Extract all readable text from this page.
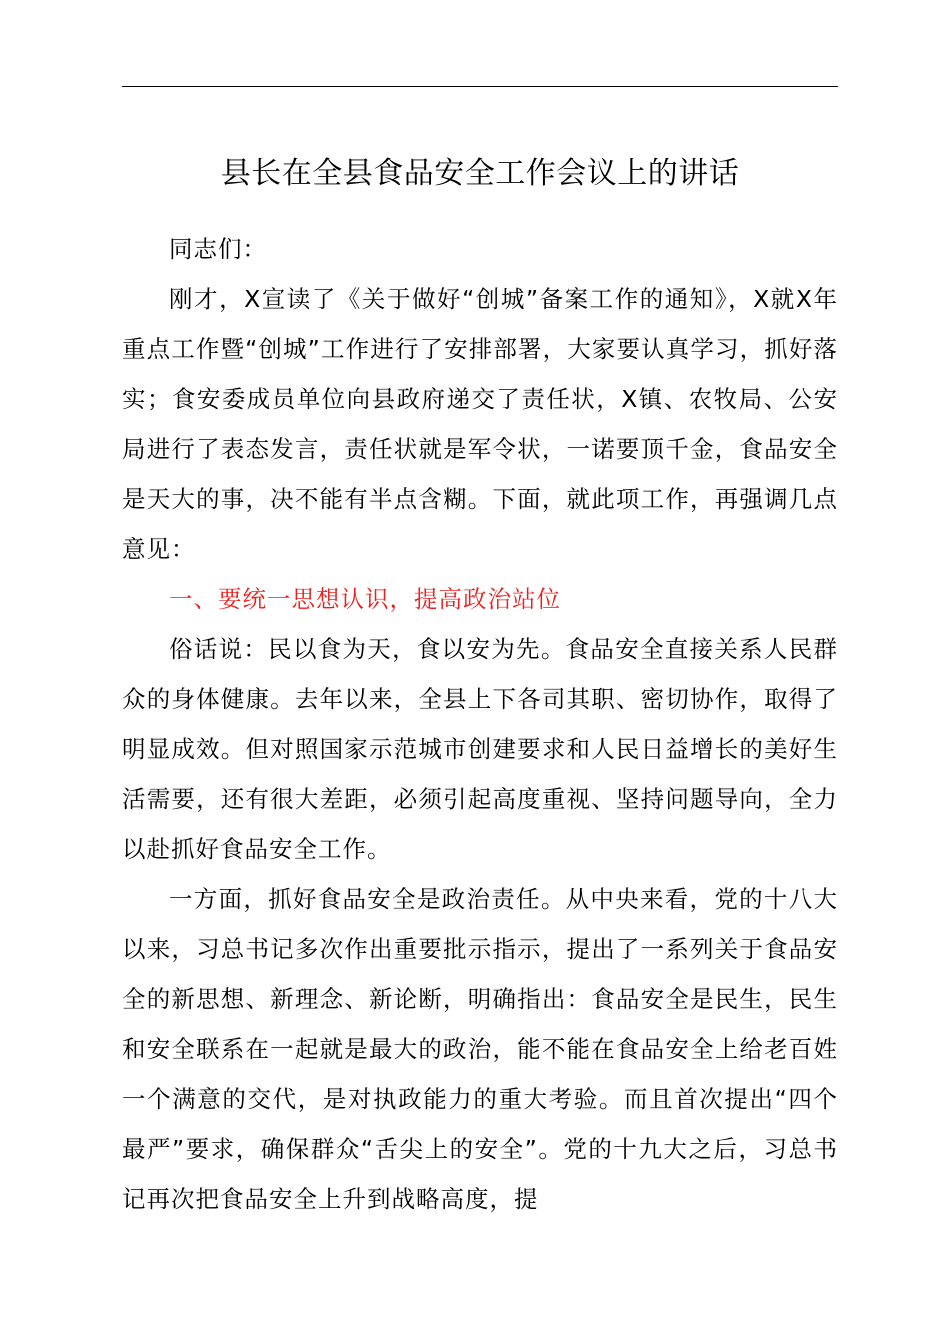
县长在全县食品安全工作会议上的讲话

同志们：

刚才，X宣读了《关于做好“创城”备案工作的通知》，X就X年重点工作暨“创城”工作进行了安排部署，大家要认真学习，抓好落实；食安委成员单位向县政府递交了责任状，X镇、农牧局、公安局进行了表态发言，责任状就是军令状，一诺要顶千金，食品安全是天大的事，决不能有半点含糊。下面，就此项工作，再强调几点意见：

一、要统一思想认识，提高政治站位

俗话说：民以食为天，食以安为先。食品安全直接关系人民群众的身体健康。去年以来，全县上下各司其职、密切协作，取得了明显成效。但对照国家示范城市创建要求和人民日益增长的美好生活需要，还有很大差距，必须引起高度重视、坚持问题导向，全力以赴抓好食品安全工作。

一方面，抓好食品安全是政治责任。从中央来看，党的十八大以来，习总书记多次作出重要批示指示，提出了一系列关于食品安全的新思想、新理念、新论断，明确指出：食品安全是民生，民生和安全联系在一起就是最大的政治，能不能在食品安全上给老百姓一个满意的交代，是对执政能力的重大考验。而且首次提出“四个最严”要求，确保群众“舌尖上的安全”。党的十九大之后，习总书记再次把食品安全上升到战略高度，提
